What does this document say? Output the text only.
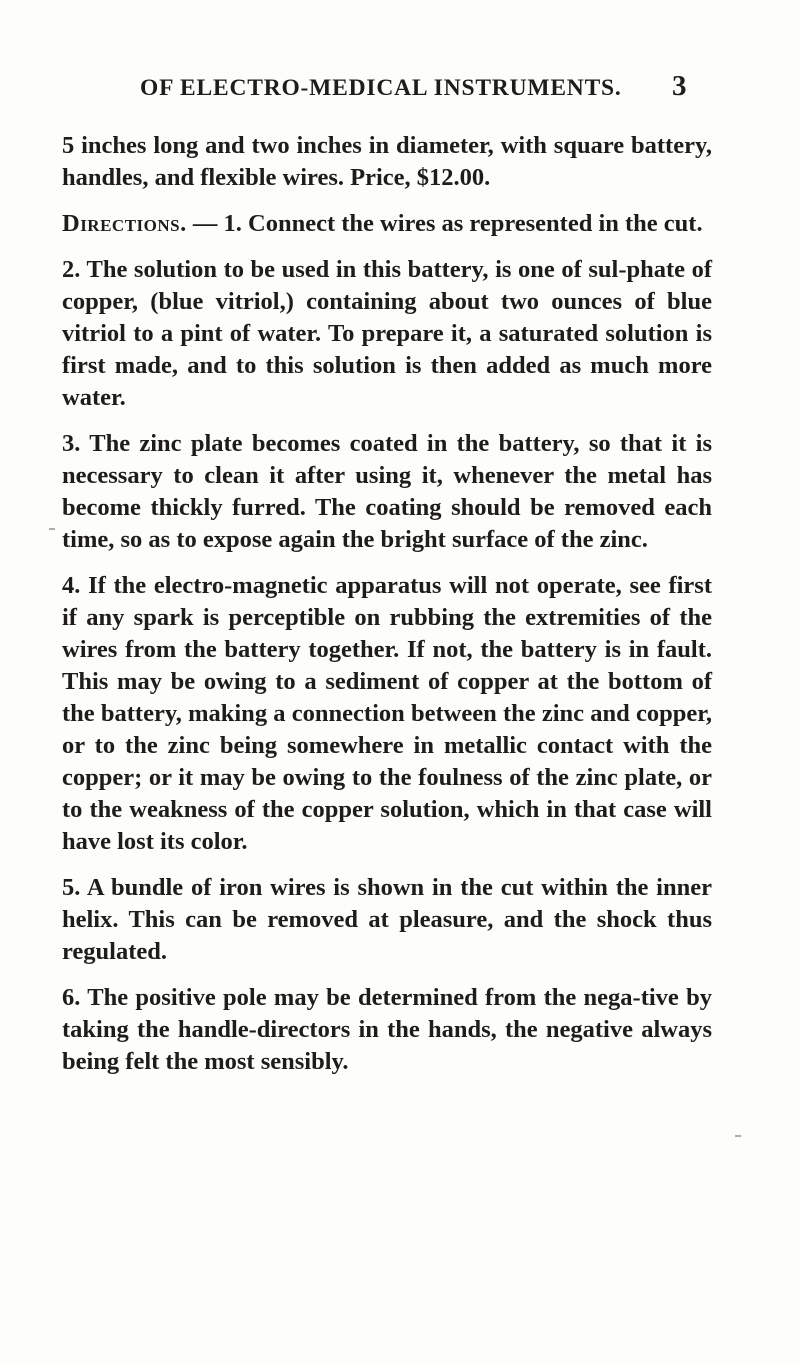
OF ELECTRO-MEDICAL INSTRUMENTS. 3

5 inches long and two inches in diameter, with square battery, handles, and flexible wires. Price, $12.00.

Directions. — 1. Connect the wires as represented in the cut.

2. The solution to be used in this battery, is one of sul-phate of copper, (blue vitriol,) containing about two ounces of blue vitriol to a pint of water. To prepare it, a saturated solution is first made, and to this solution is then added as much more water.

3. The zinc plate becomes coated in the battery, so that it is necessary to clean it after using it, whenever the metal has become thickly furred. The coating should be removed each time, so as to expose again the bright surface of the zinc.

4. If the electro-magnetic apparatus will not operate, see first if any spark is perceptible on rubbing the extremities of the wires from the battery together. If not, the battery is in fault. This may be owing to a sediment of copper at the bottom of the battery, making a connection between the zinc and copper, or to the zinc being somewhere in metallic contact with the copper; or it may be owing to the foulness of the zinc plate, or to the weakness of the copper solution, which in that case will have lost its color.

5. A bundle of iron wires is shown in the cut within the inner helix. This can be removed at pleasure, and the shock thus regulated.

6. The positive pole may be determined from the nega-tive by taking the handle-directors in the hands, the negative always being felt the most sensibly.
